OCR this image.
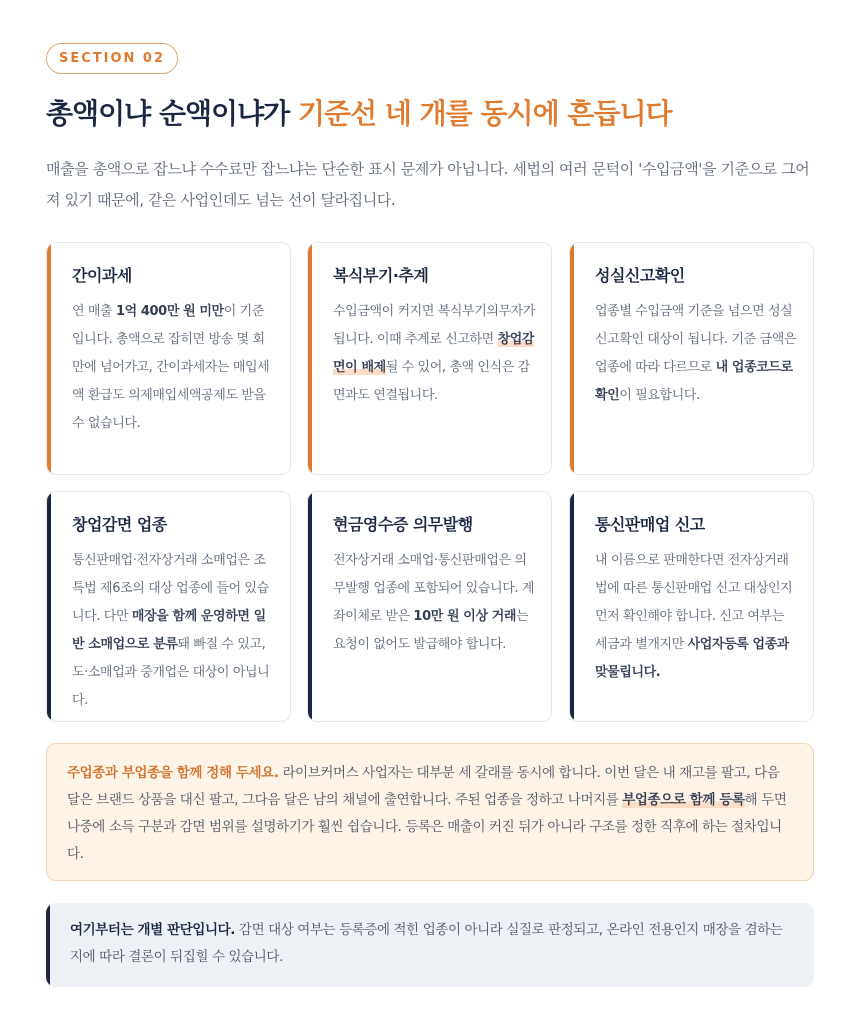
SECTION 02
총액이냐 순액이냐가 기준선 네 개를 동시에 흔듭니다

매출을 총액으로 잡느냐 수수료만 잡느냐는 단순한 표시 문제가 아닙니다. 세법의 여러 문턱이 '수입금액'을 기준으로 그어져 있기 때문에, 같은 사업인데도 넘는 선이 달라집니다.

간이과세

연 매출 1억 400만 원 미만이 기준입니다. 총액으로 잡히면 방송 몇 회 만에 넘어가고, 간이과세자는 매입세액 환급도 의제매입세액공제도 받을 수 없습니다.

복식부기·추계

수입금액이 커지면 복식부기의무자가 됩니다. 이때 추계로 신고하면 창업감면이 배제될 수 있어, 총액 인식은 감면과도 연결됩니다.

성실신고확인

업종별 수입금액 기준을 넘으면 성실신고확인 대상이 됩니다. 기준 금액은 업종에 따라 다르므로 내 업종코드로 확인이 필요합니다.

창업감면 업종

통신판매업·전자상거래 소매업은 조특법 제6조의 대상 업종에 들어 있습니다. 다만 매장을 함께 운영하면 일반 소매업으로 분류돼 빠질 수 있고, 도·소매업과 중개업은 대상이 아닙니다.

현금영수증 의무발행

전자상거래 소매업·통신판매업은 의무발행 업종에 포함되어 있습니다. 계좌이체로 받은 10만 원 이상 거래는 요청이 없어도 발급해야 합니다.

통신판매업 신고

내 이름으로 판매한다면 전자상거래법에 따른 통신판매업 신고 대상인지 먼저 확인해야 합니다. 신고 여부는 세금과 별개지만 사업자등록 업종과 맞물립니다.

주업종과 부업종을 함께 정해 두세요. 라이브커머스 사업자는 대부분 세 갈래를 동시에 합니다. 이번 달은 내 재고를 팔고, 다음 달은 브랜드 상품을 대신 팔고, 그다음 달은 남의 채널에 출연합니다. 주된 업종을 정하고 나머지를 부업종으로 함께 등록해 두면 나중에 소득 구분과 감면 범위를 설명하기가 훨씬 쉽습니다. 등록은 매출이 커진 뒤가 아니라 구조를 정한 직후에 하는 절차입니다.
여기부터는 개별 판단입니다. 감면 대상 여부는 등록증에 적힌 업종이 아니라 실질로 판정되고, 온라인 전용인지 매장을 겸하는지에 따라 결론이 뒤집힐 수 있습니다.
